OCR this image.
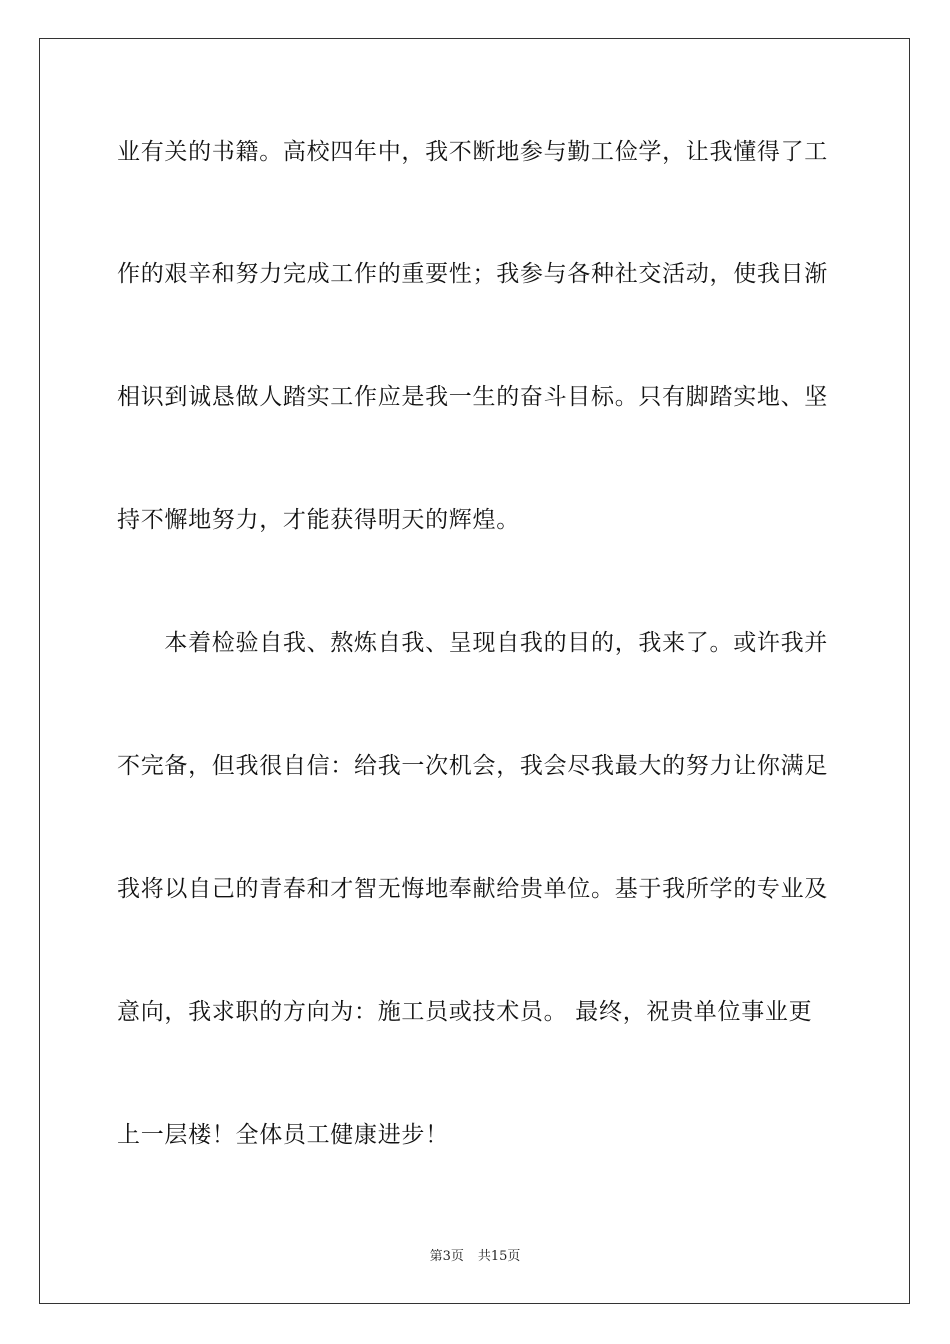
业有关的书籍。高校四年中，我不断地参与勤工俭学，让我懂得了工
作的艰辛和努力完成工作的重要性；我参与各种社交活动，使我日渐
相识到诚恳做人踏实工作应是我一生的奋斗目标。只有脚踏实地、坚
持不懈地努力，才能获得明天的辉煌。
　　本着检验自我、熬炼自我、呈现自我的目的，我来了。或许我并
不完备，但我很自信：给我一次机会，我会尽我最大的努力让你满足
我将以自己的青春和才智无悔地奉献给贵单位。基于我所学的专业及
意向，我求职的方向为：施工员或技术员。 最终，祝贵单位事业更
上一层楼！全体员工健康进步！
第3页 共15页
